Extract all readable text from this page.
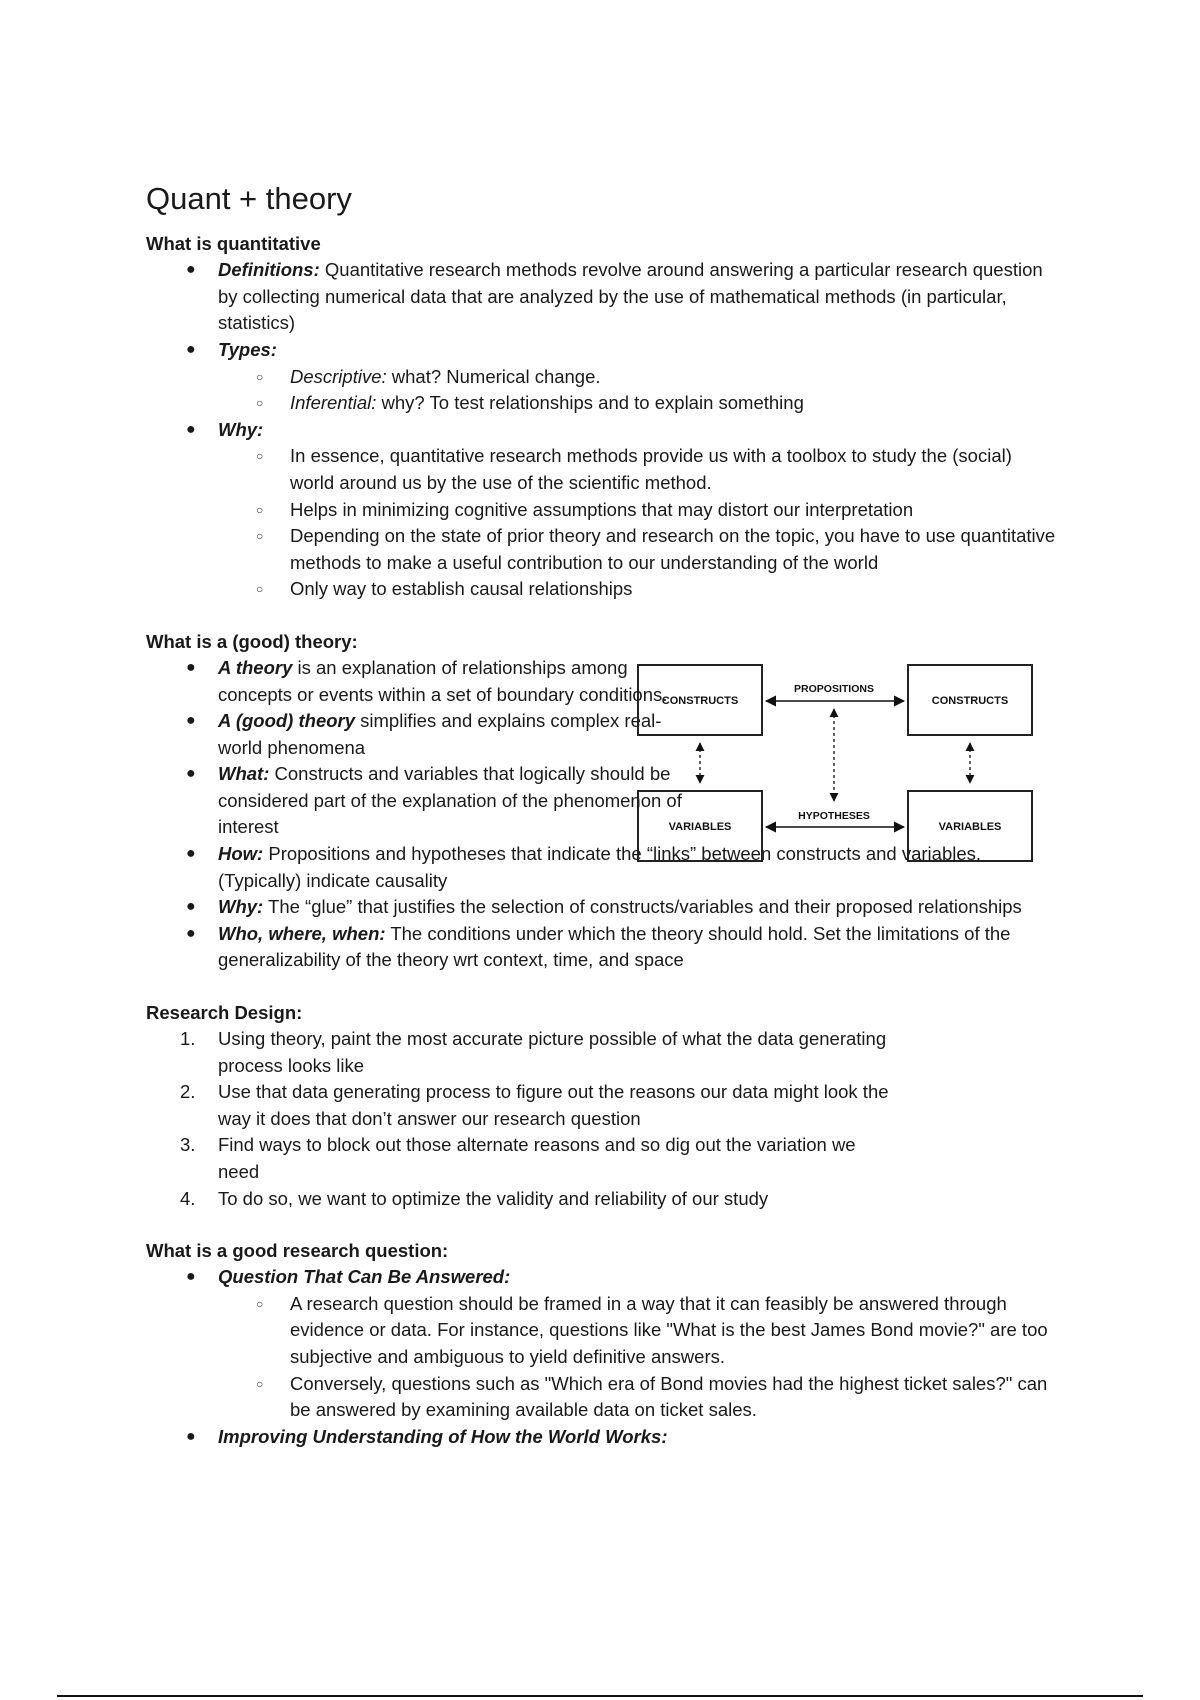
Quant + theory

What is quantitative

●	Definitions: Quantitative research methods revolve around answering a particular research question by collecting numerical data that are analyzed by the use of mathematical methods (in particular, statistics)
●	Types:
○ Descriptive: what? Numerical change.
○ Inferential: why? To test relationships and to explain something
●	Why:
○ In essence, quantitative research methods provide us with a toolbox to study the (social) world around us by the use of the scientific method.
○ Helps in minimizing cognitive assumptions that may distort our interpretation
○ Depending on the state of prior theory and research on the topic, you have to use quantitative methods to make a useful contribution to our understanding of the world
○ Only way to establish causal relationships

What is a (good) theory:

●	A theory is an explanation of relationships among concepts or events within a set of boundary conditions.
●	A (good) theory simplifies and explains complex real-world phenomena
●	What: Constructs and variables that logically should be considered part of the explanation of the phenomenon of interest
●	How: Propositions and hypotheses that indicate the “links” between constructs and variables. (Typically) indicate causality
●	Why: The “glue” that justifies the selection of constructs/variables and their proposed relationships
●	Who, where, when: The conditions under which the theory should hold. Set the limitations of the generalizability of the theory wrt context, time, and space
CONSTRUCTS	CONSTRUCTS
VARIABLES	VARIABLES
PROPOSITIONS
HYPOTHESES

Research Design:

1.	Using theory, paint the most accurate picture possible of what the data generating process looks like
2.	Use that data generating process to figure out the reasons our data might look the way it does that don’t answer our research question
3.	Find ways to block out those alternate reasons and so dig out the variation we need
4.	To do so, we want to optimize the validity and reliability of our study

What is a good research question:

●	Question That Can Be Answered:
○ A research question should be framed in a way that it can feasibly be answered through evidence or data. For instance, questions like "What is the best James Bond movie?" are too subjective and ambiguous to yield definitive answers.
○ Conversely, questions such as "Which era of Bond movies had the highest ticket sales?" can be answered by examining available data on ticket sales.
●	Improving Understanding of How the World Works:
